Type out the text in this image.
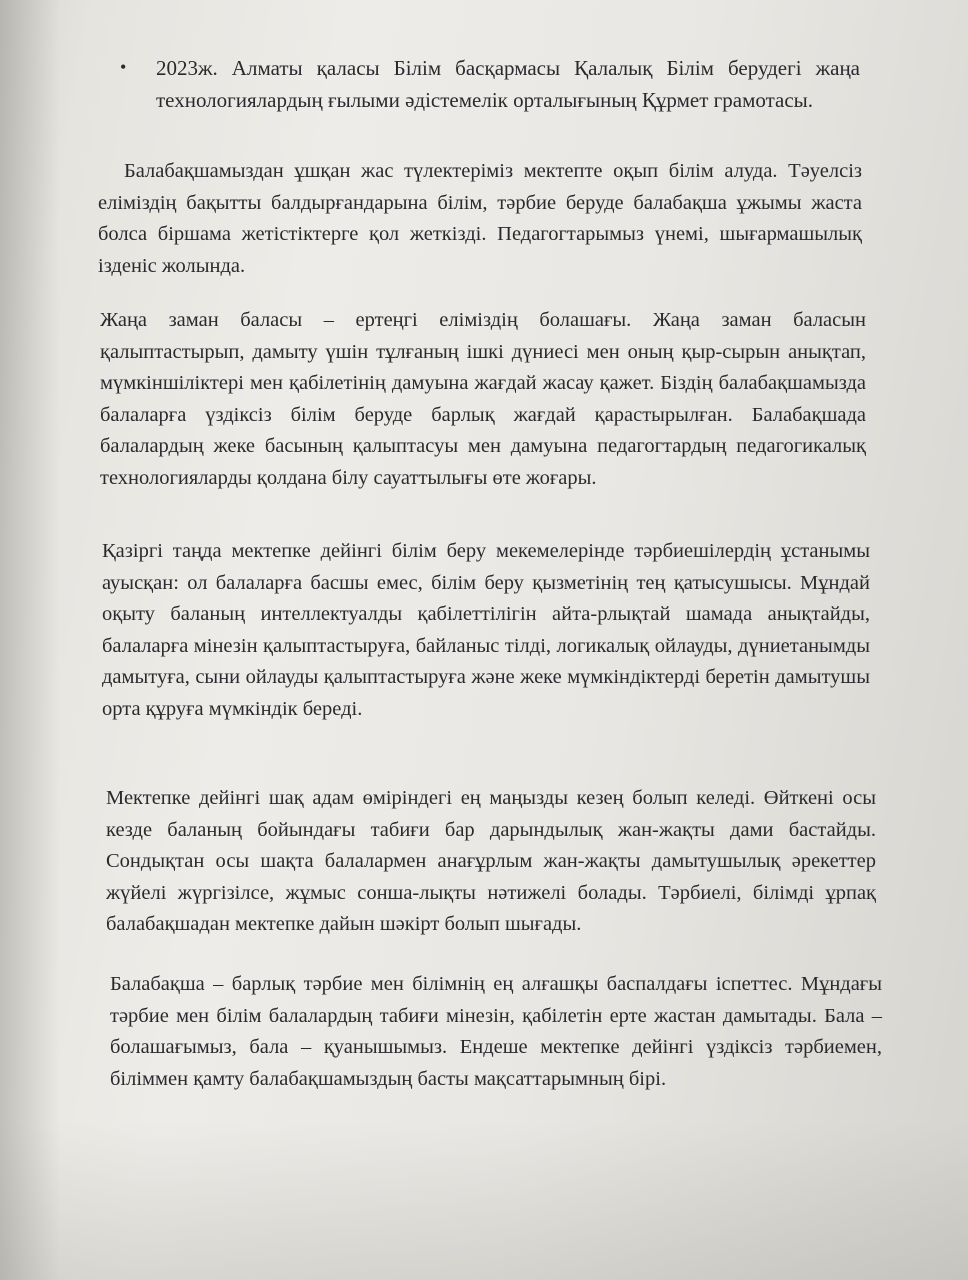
•	2023ж. Алматы қаласы Білім басқармасы Қалалық Білім берудегі жаңа технологиялардың ғылыми әдістемелік орталығының Құрмет грамотасы.

Балабақшамыздан ұшқан жас түлектеріміз мектепте оқып білім алуда. Тәуелсіз еліміздің бақытты балдырғандарына білім, тәрбие беруде балабақша ұжымы жаста болса біршама жетістіктерге қол жеткізді. Педагогтарымыз үнемі, шығармашылық ізденіс жолында.

Жаңа заман баласы – ертеңгі еліміздің болашағы. Жаңа заман баласын қалыптастырып, дамыту үшін тұлғаның ішкі дүниесі мен оның қыр-сырын анықтап, мүмкіншіліктері мен қабілетінің дамуына жағдай жасау қажет. Біздің балабақшамызда балаларға үздіксіз білім беруде барлық жағдай қарастырылған. Балабақшада балалардың жеке басының қалыптасуы мен дамуына педагогтардың педагогикалық технологияларды қолдана білу сауаттылығы өте жоғары.

Қазіргі таңда мектепке дейінгі білім беру мекемелерінде тәрбиешілердің ұстанымы ауысқан: ол балаларға басшы емес, білім беру қызметінің тең қатысушысы. Мұндай оқыту баланың интеллектуалды қабілеттілігін айта-рлықтай шамада анықтайды, балаларға мінезін қалыптастыруға, байланыс тілді, логикалық ойлауды, дүниетанымды дамытуға, сыни ойлауды қалыптастыруға және жеке мүмкіндіктерді беретін дамытушы орта құруға мүмкіндік береді.

Мектепке дейінгі шақ адам өміріндегі ең маңызды кезең болып келеді. Өйткені осы кезде баланың бойындағы табиғи бар дарындылық жан-жақты дами бастайды. Сондықтан осы шақта балалармен анағұрлым жан-жақты дамытушылық әрекеттер жүйелі жүргізілсе, жұмыс сонша-лықты нәтижелі болады. Тәрбиелі, білімді ұрпақ балабақшадан мектепке дайын шәкірт болып шығады.

Балабақша – барлық тәрбие мен білімнің ең алғашқы баспалдағы іспеттес. Мұндағы тәрбие мен білім балалардың табиғи мінезін, қабілетін ерте жастан дамытады. Бала – болашағымыз, бала – қуанышымыз. Ендеше мектепке дейінгі үздіксіз тәрбиемен, біліммен қамту балабақшамыздың басты мақсаттарымның бірі.
